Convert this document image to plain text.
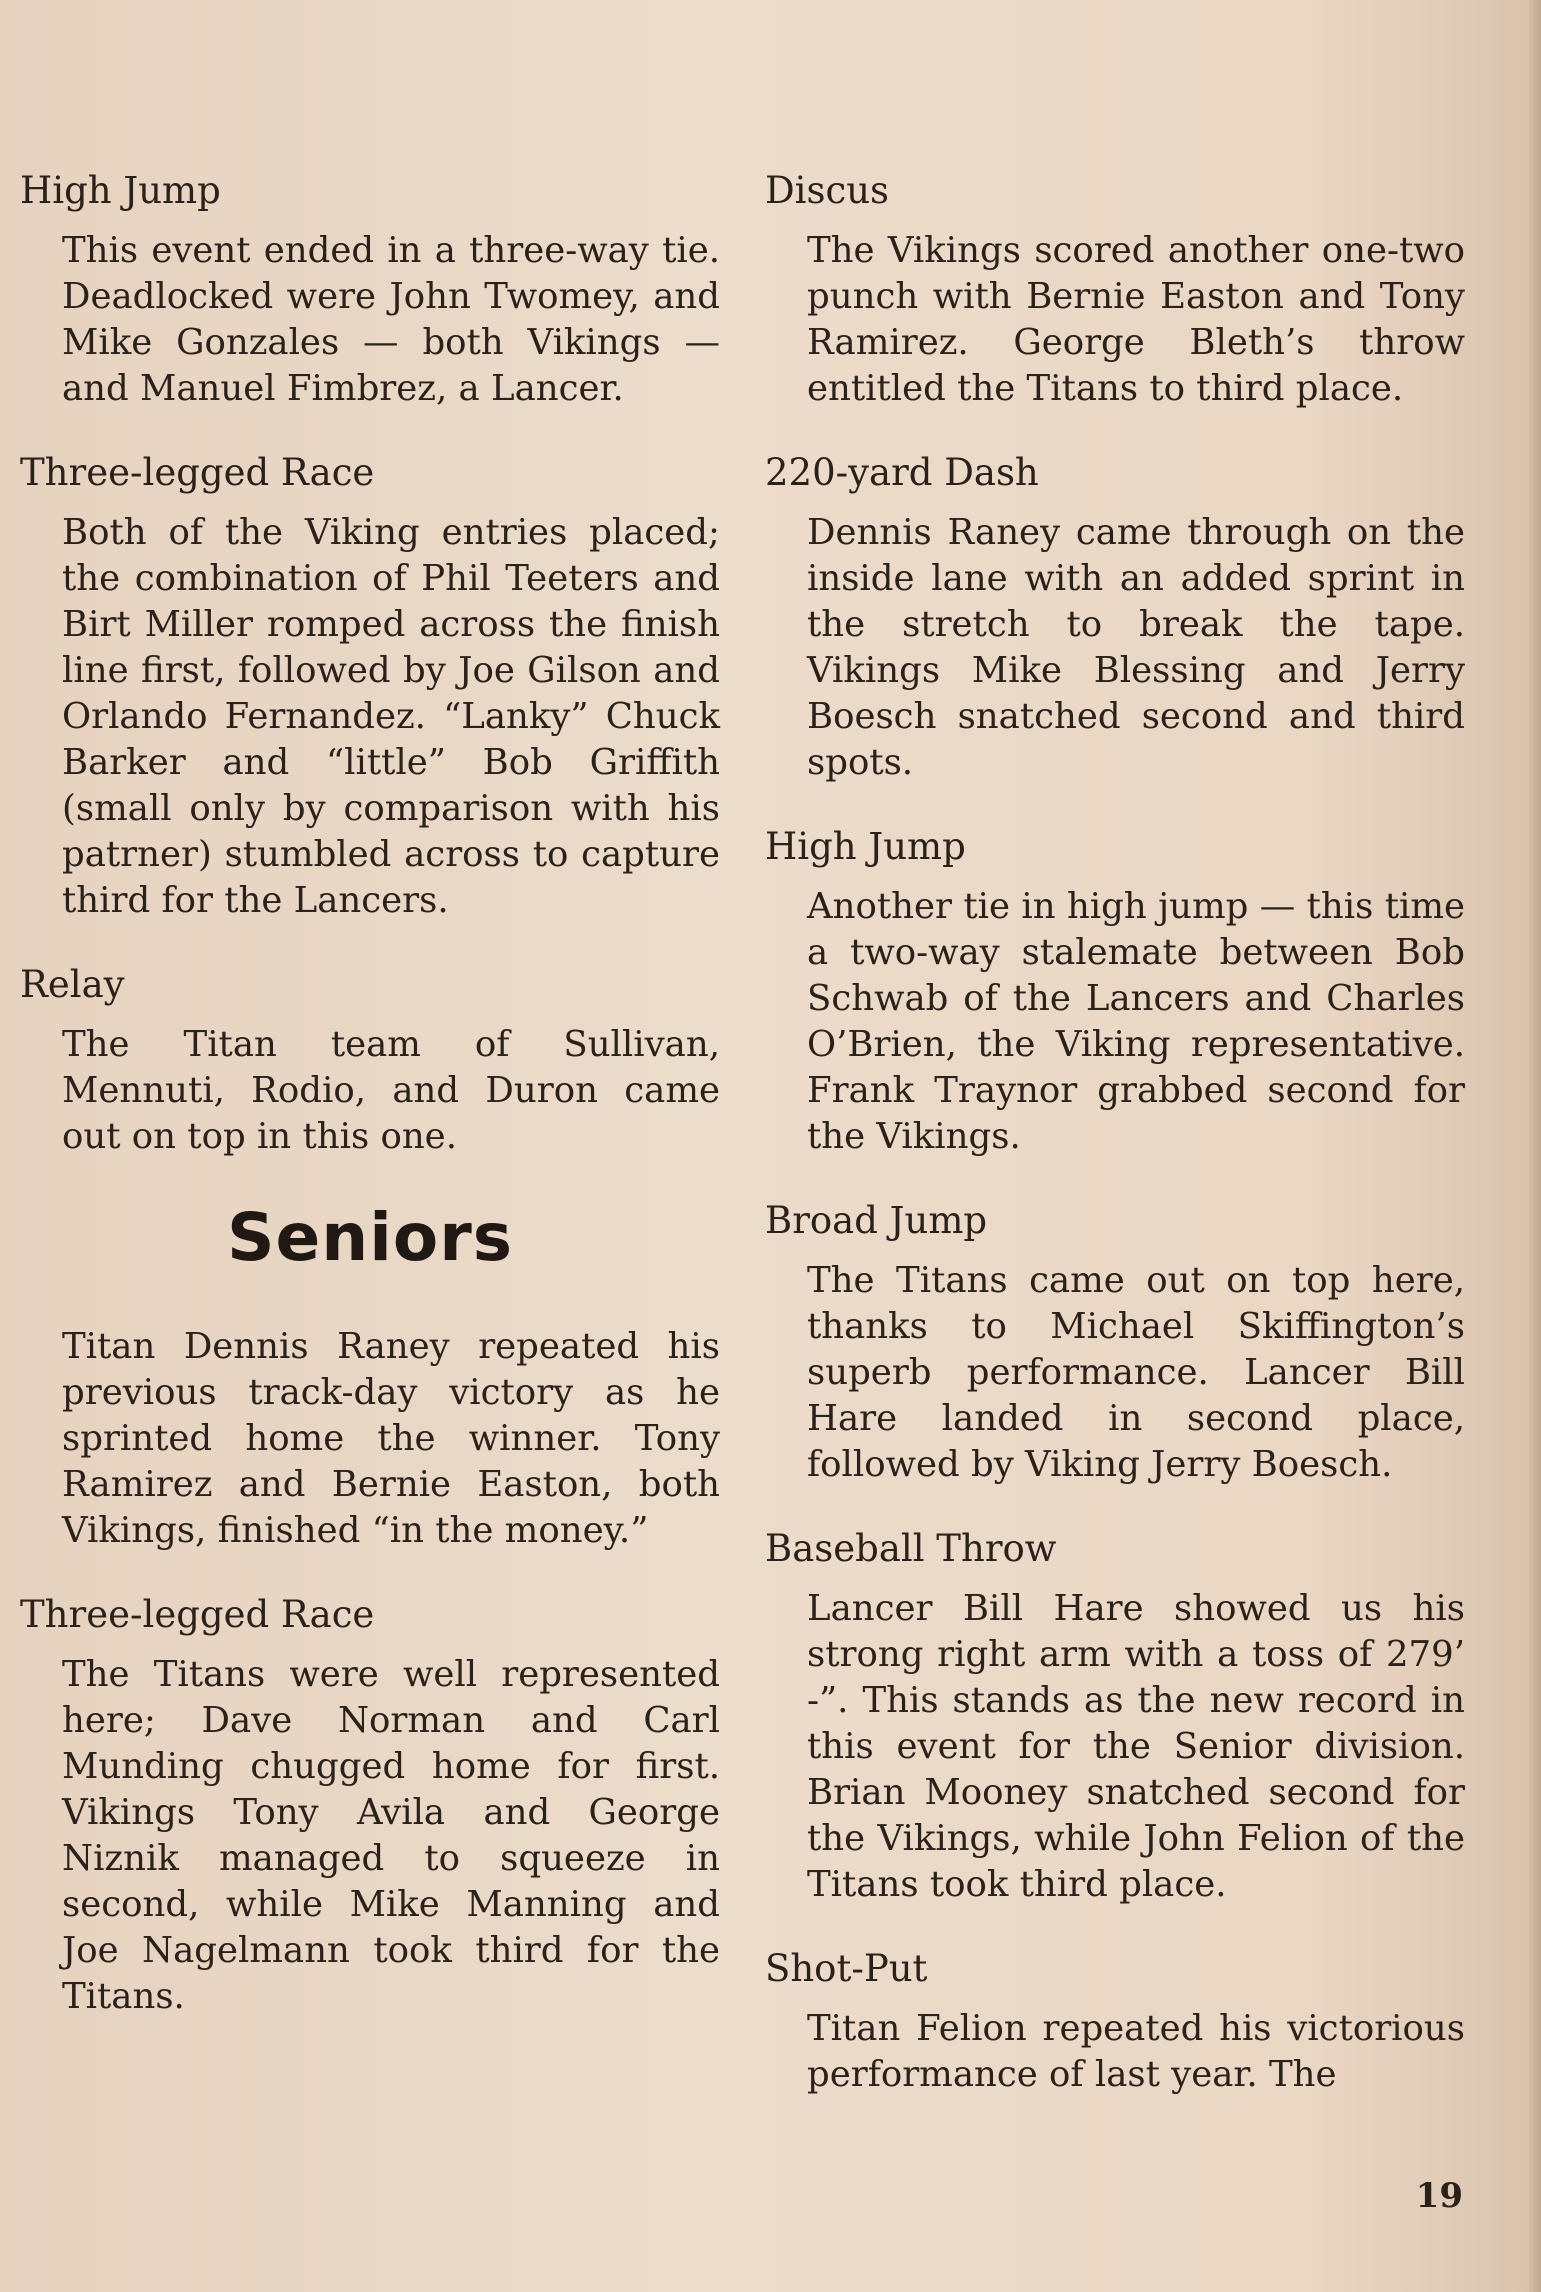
High Jump
This event ended in a three-way tie. Deadlocked were John Twomey, and Mike Gonzales — both Vikings — and Manuel Fimbrez, a Lancer.
Three-legged Race
Both of the Viking entries placed; the combination of Phil Teeters and Birt Miller romped across the finish line first, followed by Joe Gilson and Orlando Fernandez. “Lanky” Chuck Barker and “little” Bob Griffith (small only by comparison with his patrner) stumbled across to capture third for the Lancers.
Relay
The Titan team of Sullivan, Mennuti, Rodio, and Duron came out on top in this one.
Seniors
Titan Dennis Raney repeated his previous track-day victory as he sprinted home the winner. Tony Ramirez and Bernie Easton, both Vikings, finished “in the money.”
Three-legged Race
The Titans were well represented here; Dave Norman and Carl Munding chugged home for first. Vikings Tony Avila and George Niznik managed to squeeze in second, while Mike Manning and Joe Nagelmann took third for the Titans.
Discus
The Vikings scored another one-two punch with Bernie Easton and Tony Ramirez. George Bleth’s throw entitled the Titans to third place.
220-yard Dash
Dennis Raney came through on the inside lane with an added sprint in the stretch to break the tape. Vikings Mike Blessing and Jerry Boesch snatched second and third spots.
High Jump
Another tie in high jump — this time a two-way stalemate between Bob Schwab of the Lancers and Charles O’Brien, the Viking representative. Frank Traynor grabbed second for the Vikings.
Broad Jump
The Titans came out on top here, thanks to Michael Skiffington’s superb performance. Lancer Bill Hare landed in second place, followed by Viking Jerry Boesch.
Baseball Throw
Lancer Bill Hare showed us his strong right arm with a toss of 279’ -”. This stands as the new record in this event for the Senior division. Brian Mooney snatched second for the Vikings, while John Felion of the Titans took third place.
Shot-Put
Titan Felion repeated his victorious performance of last year. The
19
